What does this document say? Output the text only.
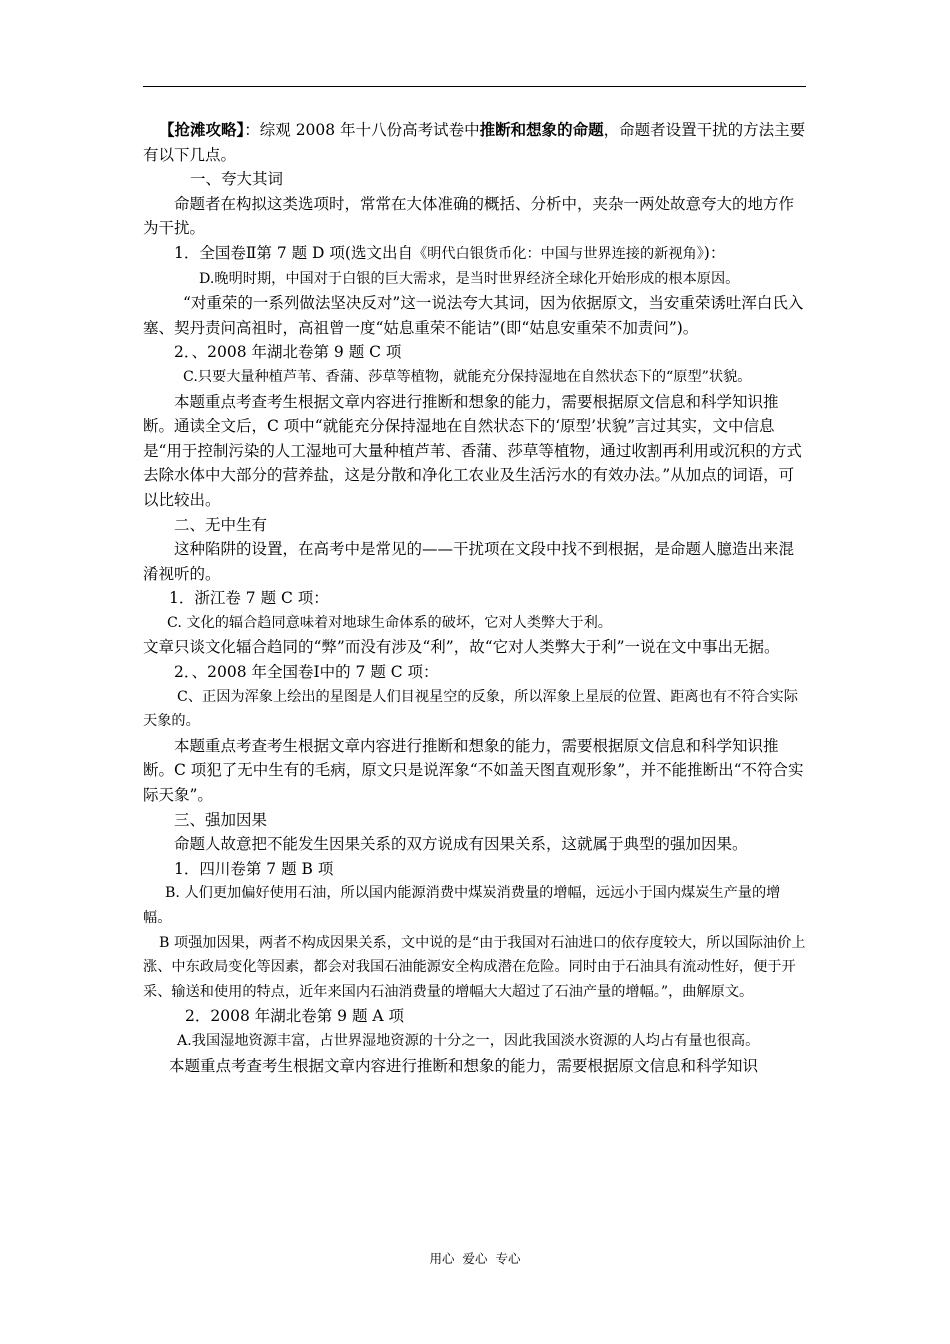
【抢滩攻略】：综观 2008 年十八份高考试卷中推断和想象的命题，命题者设置干扰的方法主要有以下几点。

一、夸大其词

命题者在构拟这类选项时，常常在大体准确的概括、分析中，夹杂一两处故意夸大的地方作为干扰。

1．全国卷Ⅱ第 7 题 D 项(选文出自《明代白银货币化：中国与世界连接的新视角》)：

D.晚明时期，中国对于白银的巨大需求，是当时世界经济全球化开始形成的根本原因。

“对重荣的一系列做法坚决反对”这一说法夸大其词，因为依据原文，当安重荣诱吐浑白氏入塞、契丹责问高祖时，高祖曾一度“姑息重荣不能诘”(即“姑息安重荣不加责问”)。

2．、2008 年湖北卷第 9 题 C 项

C.只要大量种植芦苇、香蒲、莎草等植物，就能充分保持湿地在自然状态下的“原型”状貌。

本题重点考查考生根据文章内容进行推断和想象的能力，需要根据原文信息和科学知识推断。通读全文后，C 项中“就能充分保持湿地在自然状态下的‘原型’状貌”言过其实，文中信息是“用于控制污染的人工湿地可大量种植芦苇、香蒲、莎草等植物，通过收割再利用或沉积的方式去除水体中大部分的营养盐，这是分散和净化工农业及生活污水的有效办法。”从加点的词语，可以比较出。

二、无中生有

这种陷阱的设置，在高考中是常见的——干扰项在文段中找不到根据，是命题人臆造出来混淆视听的。

1．浙江卷 7 题 C 项：

C. 文化的辐合趋同意味着对地球生命体系的破坏，它对人类弊大于利。

文章只谈文化辐合趋同的“弊”而没有涉及“利”，故“它对人类弊大于利”一说在文中事出无据。

2．、2008 年全国卷Ⅰ中的 7 题 C 项：

C、正因为浑象上绘出的星图是人们目视星空的反象，所以浑象上星辰的位置、距离也有不符合实际天象的。

本题重点考查考生根据文章内容进行推断和想象的能力，需要根据原文信息和科学知识推断。C 项犯了无中生有的毛病，原文只是说浑象“不如盖天图直观形象”，并不能推断出“不符合实际天象”。

三、强加因果

命题人故意把不能发生因果关系的双方说成有因果关系，这就属于典型的强加因果。

1．四川卷第 7 题 B 项

B. 人们更加偏好使用石油，所以国内能源消费中煤炭消费量的增幅，远远小于国内煤炭生产量的增幅。

B 项强加因果，两者不构成因果关系，文中说的是“由于我国对石油进口的依存度较大，所以国际油价上涨、中东政局变化等因素，都会对我国石油能源安全构成潜在危险。同时由于石油具有流动性好，便于开采、输送和使用的特点，近年来国内石油消费量的增幅大大超过了石油产量的增幅。”，曲解原文。

2．2008 年湖北卷第 9 题 A 项

A.我国湿地资源丰富，占世界湿地资源的十分之一，因此我国淡水资源的人均占有量也很高。

本题重点考查考生根据文章内容进行推断和想象的能力，需要根据原文信息和科学知识

用心 爱心 专心
